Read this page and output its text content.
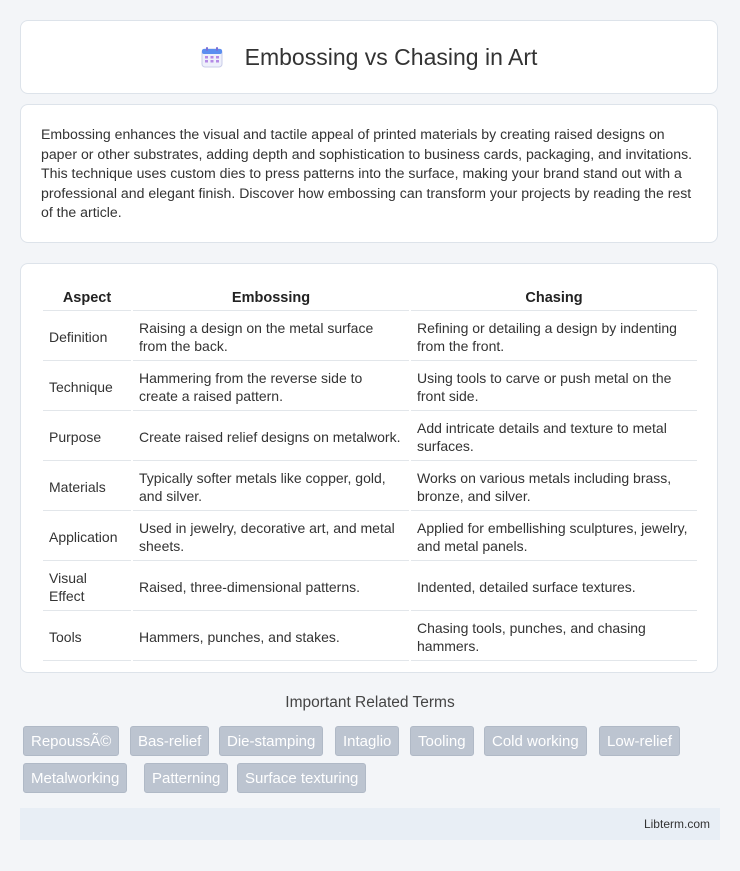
Embossing vs Chasing in Art

Embossing enhances the visual and tactile appeal of printed materials by creating raised designs on paper or other substrates, adding depth and sophistication to business cards, packaging, and invitations. This technique uses custom dies to press patterns into the surface, making your brand stand out with a professional and elegant finish. Discover how embossing can transform your projects by reading the rest of the article.

Aspect	Embossing	Chasing
Definition	Raising a design on the metal surface from the back.	Refining or detailing a design by indenting from the front.
Technique	Hammering from the reverse side to create a raised pattern.	Using tools to carve or push metal on the front side.
Purpose	Create raised relief designs on metalwork.	Add intricate details and texture to metal surfaces.
Materials	Typically softer metals like copper, gold, and silver.	Works on various metals including brass, bronze, and silver.
Application	Used in jewelry, decorative art, and metal sheets.	Applied for embellishing sculptures, jewelry, and metal panels.
Visual Effect	Raised, three-dimensional patterns.	Indented, detailed surface textures.
Tools	Hammers, punches, and stakes.	Chasing tools, punches, and chasing hammers.
Important Related Terms
RepoussÃ©	Bas-relief	Die-stamping	Intaglio	Tooling	Cold working	Low-relief
Metalworking	Patterning	Surface texturing
Libterm.com
